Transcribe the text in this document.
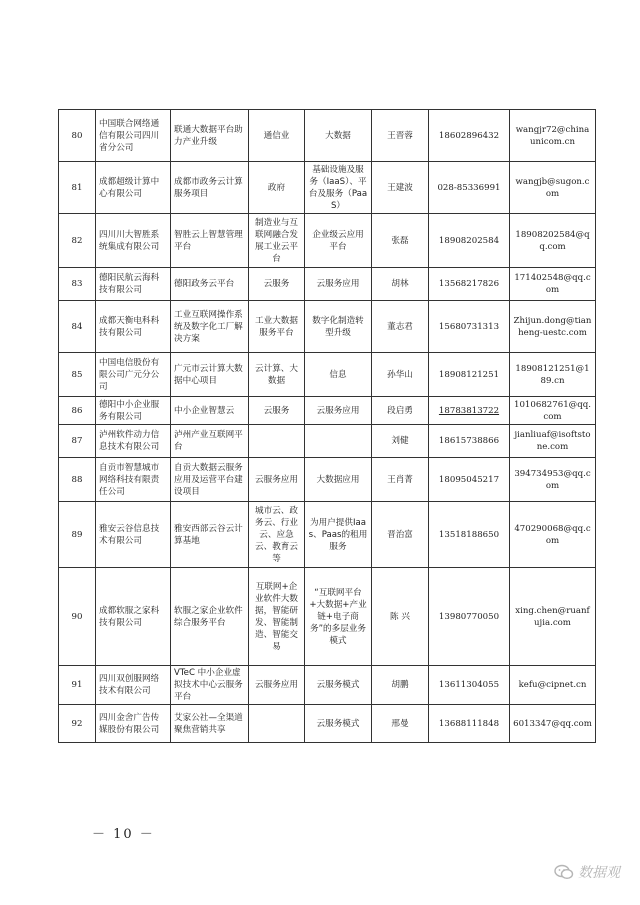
80	中国联合网络通信有限公司四川省分公司	联通大数据平台助力产业升级	通信业	大数据	王晋蓉	18602896432	wangjr72@chinaunicom.cn
81	成都超级计算中心有限公司	成都市政务云计算服务项目	政府	基础设施及服务（IaaS）、平台及服务（PaaS）	王建波	028-85336991	wangjb@sugon.com
82	四川川大智胜系统集成有限公司	智胜云上智慧管理平台	制造业与互联网融合发展工业云平台	企业级云应用平台	张磊	18908202584	18908202584@qq.com
83	德阳民航云海科技有限公司	德阳政务云平台	云服务	云服务应用	胡林	13568217826	171402548@qq.com
84	成都天衡电科科技有限公司	工业互联网操作系统及数字化工厂解决方案	工业大数据服务平台	数字化制造转型升级	董志君	15680731313	Zhijun.dong@tianheng-uestc.com
85	中国电信股份有限公司广元分公司	广元市云计算大数据中心项目	云计算、大数据	信息	孙华山	18908121251	18908121251@189.cn
86	德阳中小企业服务有限公司	中小企业智慧云	云服务	云服务应用	段启勇	18783813722	1010682761@qq.com
87	泸州软件动力信息技术有限公司	泸州产业互联网平台			刘健	18615738866	jianliuaf@isoftstone.com
88	自贡市智慧城市网络科技有限责任公司	自贡大数据云服务应用及运营平台建设项目	云服务应用	大数据应用	王肖菁	18095045217	394734953@qq.com
89	雅安云谷信息技术有限公司	雅安西部云谷云计算基地	城市云、政务云、行业云、应急云、教育云等	为用户提供Iaas、Paas的租用服务	晋治富	13518188650	470290068@qq.com
90	成都软服之家科技有限公司	软服之家企业软件综合服务平台	互联网+企业软件大数据，智能研发、智能制造、智能交易	“互联网平台+大数据+产业链+电子商务”的多层业务模式	陈 兴	13980770050	xing.chen@ruanfujia.com
91	四川双创服网络技术有限公司	VTeC 中小企业虚拟技术中心云服务平台	云服务应用	云服务模式	胡鹏	13611304055	kefu@cipnet.cn
92	四川金舍广告传媒股份有限公司	艾家公社—全渠道聚焦营销共享		云服务模式	邢曼	13688111848	6013347@qq.com
－ 10 －
数据观
